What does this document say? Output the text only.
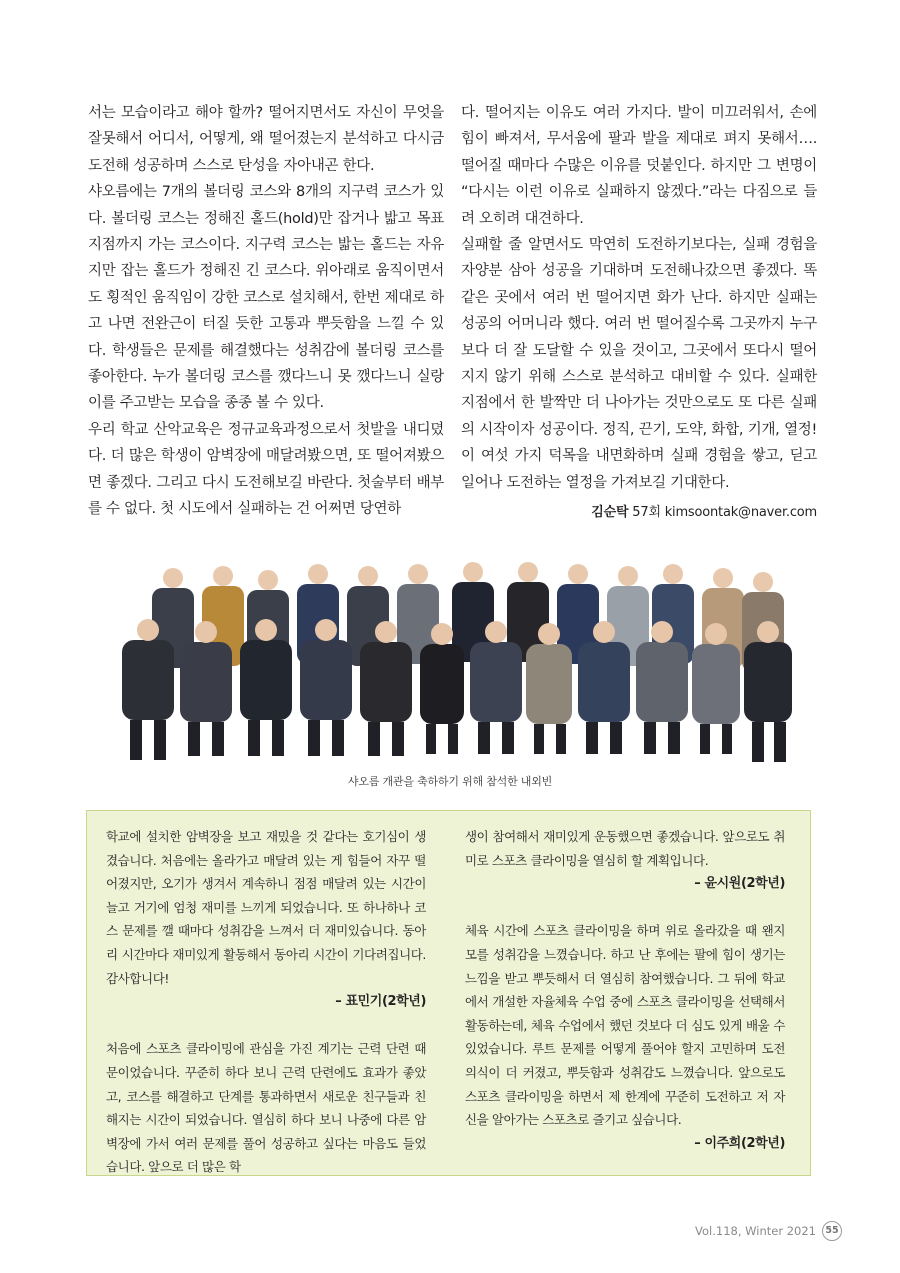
서는 모습이라고 해야 할까? 떨어지면서도 자신이 무엇을 잘못해서 어디서, 어떻게, 왜 떨어졌는지 분석하고 다시금 도전해 성공하며 스스로 탄성을 자아내곤 한다.

샤오름에는 7개의 볼더링 코스와 8개의 지구력 코스가 있다. 볼더링 코스는 정해진 홀드(hold)만 잡거나 밟고 목표 지점까지 가는 코스이다. 지구력 코스는 밟는 홀드는 자유지만 잡는 홀드가 정해진 긴 코스다. 위아래로 움직이면서도 횡적인 움직임이 강한 코스로 설치해서, 한번 제대로 하고 나면 전완근이 터질 듯한 고통과 뿌듯함을 느낄 수 있다. 학생들은 문제를 해결했다는 성취감에 볼더링 코스를 좋아한다. 누가 볼더링 코스를 깼다느니 못 깼다느니 실랑이를 주고받는 모습을 종종 볼 수 있다.

우리 학교 산악교육은 정규교육과정으로서 첫발을 내디뎠다. 더 많은 학생이 암벽장에 매달려봤으면, 또 떨어져봤으면 좋겠다. 그리고 다시 도전해보길 바란다. 첫술부터 배부를 수 없다. 첫 시도에서 실패하는 건 어쩌면 당연하

다. 떨어지는 이유도 여러 가지다. 발이 미끄러워서, 손에 힘이 빠져서, 무서움에 팔과 발을 제대로 펴지 못해서…. 떨어질 때마다 수많은 이유를 덧붙인다. 하지만 그 변명이 “다시는 이런 이유로 실패하지 않겠다.”라는 다짐으로 들려 오히려 대견하다.

실패할 줄 알면서도 막연히 도전하기보다는, 실패 경험을 자양분 삼아 성공을 기대하며 도전해나갔으면 좋겠다. 똑같은 곳에서 여러 번 떨어지면 화가 난다. 하지만 실패는 성공의 어머니라 했다. 여러 번 떨어질수록 그곳까지 누구보다 더 잘 도달할 수 있을 것이고, 그곳에서 또다시 떨어지지 않기 위해 스스로 분석하고 대비할 수 있다. 실패한 지점에서 한 발짝만 더 나아가는 것만으로도 또 다른 실패의 시작이자 성공이다. 정직, 끈기, 도약, 화합, 기개, 열정! 이 여섯 가지 덕목을 내면화하며 실패 경험을 쌓고, 딛고 일어나 도전하는 열정을 가져보길 기대한다.

김순탁 57회 kimsoontak@naver.com
샤오름 개관을 축하하기 위해 참석한 내외빈

학교에 설치한 암벽장을 보고 재밌을 것 같다는 호기심이 생겼습니다. 처음에는 올라가고 매달려 있는 게 힘들어 자꾸 떨어졌지만, 오기가 생겨서 계속하니 점점 매달려 있는 시간이 늘고 거기에 엄청 재미를 느끼게 되었습니다. 또 하나하나 코스 문제를 깰 때마다 성취감을 느껴서 더 재미있습니다. 동아리 시간마다 재미있게 활동해서 동아리 시간이 기다려집니다. 감사합니다!

– 표민기(2학년)

처음에 스포츠 클라이밍에 관심을 가진 계기는 근력 단련 때문이었습니다. 꾸준히 하다 보니 근력 단련에도 효과가 좋았고, 코스를 해결하고 단계를 통과하면서 새로운 친구들과 친해지는 시간이 되었습니다. 열심히 하다 보니 나중에 다른 암벽장에 가서 여러 문제를 풀어 성공하고 싶다는 마음도 들었습니다. 앞으로 더 많은 학

생이 참여해서 재미있게 운동했으면 좋겠습니다. 앞으로도 취미로 스포츠 클라이밍을 열심히 할 계획입니다.

– 윤시원(2학년)

체육 시간에 스포츠 클라이밍을 하며 위로 올라갔을 때 왠지 모를 성취감을 느꼈습니다. 하고 난 후에는 팔에 힘이 생기는 느낌을 받고 뿌듯해서 더 열심히 참여했습니다. 그 뒤에 학교에서 개설한 자율체육 수업 중에 스포츠 클라이밍을 선택해서 활동하는데, 체육 수업에서 했던 것보다 더 심도 있게 배울 수 있었습니다. 루트 문제를 어떻게 풀어야 할지 고민하며 도전 의식이 더 커졌고, 뿌듯함과 성취감도 느꼈습니다. 앞으로도 스포츠 클라이밍을 하면서 제 한계에 꾸준히 도전하고 저 자신을 알아가는 스포츠로 즐기고 싶습니다.

– 이주희(2학년)

Vol.118, Winter 2021 55
